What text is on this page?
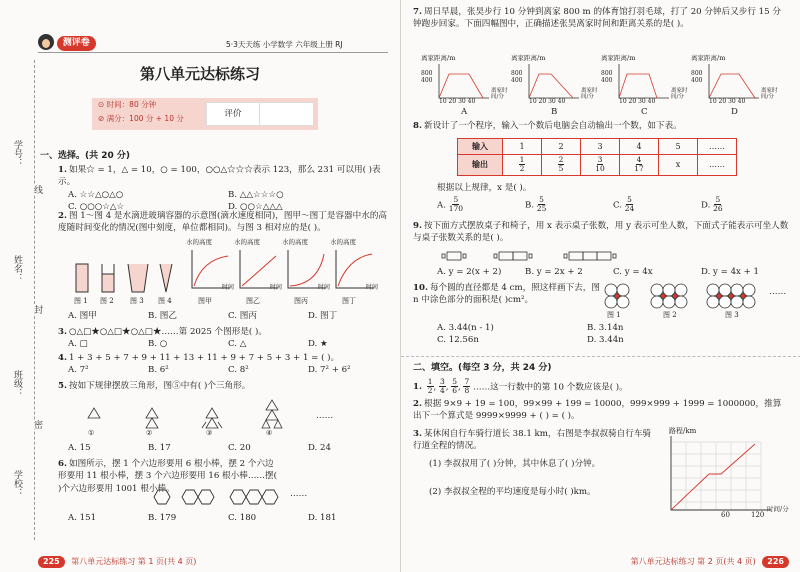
学号：
姓名：
班级：
学校：
线
封
密
测评卷	5·3天天练 小学数学 六年级上册 RJ
第八单元达标练习
⊙ 时间：80 分钟
⊘ 满分：100 分 + 10 分	评价
一、选择。(共 20 分)
1. 如果☆ = 1，△ = 10，○ = 100，○○△☆☆☆表示 123，那么 231 可以用( )表示。
A. ☆☆△○△○	B. △△☆☆☆○
C. ○○○☆△☆	D. ○○☆△△△
2. 图 1～图 4 是水滴进玻璃容器的示意图(滴水速度相同)，图甲～图丁是容器中水的高度随时间变化的情况(图中刻度，单位都相同)。与图 3 相对应的是( )。
图 1 图 2 图 3 图 4
水的高度	水的高度	水的高度	水的高度
时间	时间	时间	时间
图甲	图乙	图丙	图丁
A. 图甲	B. 图乙	C. 图丙	D. 图丁
3. ○△□★○△□★○△□★……第 2025 个图形是( )。
A. □	B. ○	C. △	D. ★
4. 1 + 3 + 5 + 7 + 9 + 11 + 13 + 11 + 9 + 7 + 5 + 3 + 1 = ( )。
A. 7²	B. 6²	C. 8²	D. 7² + 6²
5. 按如下规律摆放三角形，图⑤中有( )个三角形。
①	②	③	④
……
A. 15	B. 17	C. 20	D. 24
6. 如图所示，摆 1 个六边形要用 6 根小棒，摆 2 个六边形要用 11 根小棒，摆 3 个六边形要用 16 根小棒……摆( )个六边形要用 1001 根小棒。
……
A. 151	B. 179	C. 180	D. 181
225 第八单元达标练习 第 1 页(共 4 页)
7. 周日早晨，张昊步行 10 分钟到离家 800 m 的体育馆打羽毛球，打了 20 分钟后又步行 15 分钟跑步回家。下面四幅图中，正确描述张昊离家时间和距离关系的是( )。
离家距离/m	离家距离/m	离家距离/m	离家距离/m
800
400
800
400
800
400
800
400
10 20 30 40	10 20 30 40	10 20 30 40	10 20 30 40
离家时间/分
离家时间/分
离家时间/分
离家时间/分
A	B	C	D
8. 新设计了一个程序，输入一个数后电脑会自动输出一个数，如下表。
输入	1	2	3	4	5	……
输出	$\frac{1}{2}$	$\frac{2}{5}$	$\frac{3}{10}$	$\frac{4}{17}$	x	……
根据以上规律，x 是( )。
A. $\frac{5}{170}$	B. $\frac{5}{25}$	C. $\frac{5}{24}$	D. $\frac{5}{26}$
9. 按下面方式摆放桌子和椅子，用 x 表示桌子张数，用 y 表示可坐人数，下面式子能表示可坐人数与桌子张数关系的是( )。
A. y = 2(x + 2)	B. y = 2x + 2	C. y = 4x	D. y = 4x + 1
10. 每个圆的直径都是 4 cm，照这样画下去，图 n 中涂色部分的面积是( )cm²。
……
图 1	图 2	图 3
A. 3.44(n - 1)	B. 3.14n
C. 12.56n	D. 3.44n
二、填空。(每空 3 分，共 24 分)
1. $\frac{1}{2}$ , $\frac{3}{4}$ , $\frac{5}{6}$ , $\frac{7}{8}$ ……这一行数中的第 10 个数应该是( )。
2. 根据 9×9 + 19 = 100，99×99 + 199 = 10000，999×999 + 1999 = 1000000，推算出下一个算式是 9999×9999 + ( ) = ( )。
3. 某休闲自行车骑行道长 38.1 km，右图是李叔叔骑自行车骑行道全程的情况。
(1) 李叔叔用了( )分钟，其中休息了( )分钟。
(2) 李叔叔全程的平均速度是每小时( )km。
路程/km
60	120
时间/分
第八单元达标练习 第 2 页(共 4 页) 226
